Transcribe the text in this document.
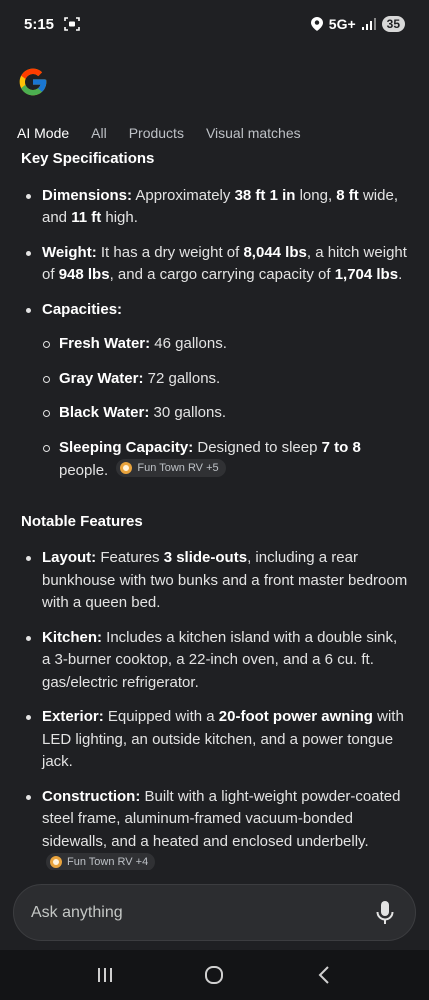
5:15	5G+	35
AI Mode All Products Visual matches
Key Specifications
Dimensions: Approximately 38 ft 1 in long, 8 ft wide, and 11 ft high.
Weight: It has a dry weight of 8,044 lbs, a hitch weight of 948 lbs, and a cargo carrying capacity of 1,704 lbs.
Capacities:
Fresh Water: 46 gallons.
Gray Water: 72 gallons.
Black Water: 30 gallons.
Sleeping Capacity: Designed to sleep 7 to 8 people.	Fun Town RV +5
Notable Features
Layout: Features 3 slide-outs, including a rear bunkhouse with two bunks and a front master bedroom with a queen bed.
Kitchen: Includes a kitchen island with a double sink, a 3-burner cooktop, a 22-inch oven, and a 6 cu. ft. gas/electric refrigerator.
Exterior: Equipped with a 20-foot power awning with LED lighting, an outside kitchen, and a power tongue jack.
Construction: Built with a light-weight powder-coated steel frame, aluminum-framed vacuum-bonded sidewalls, and a heated and enclosed underbelly.
Fun Town RV +4
Ask anything
